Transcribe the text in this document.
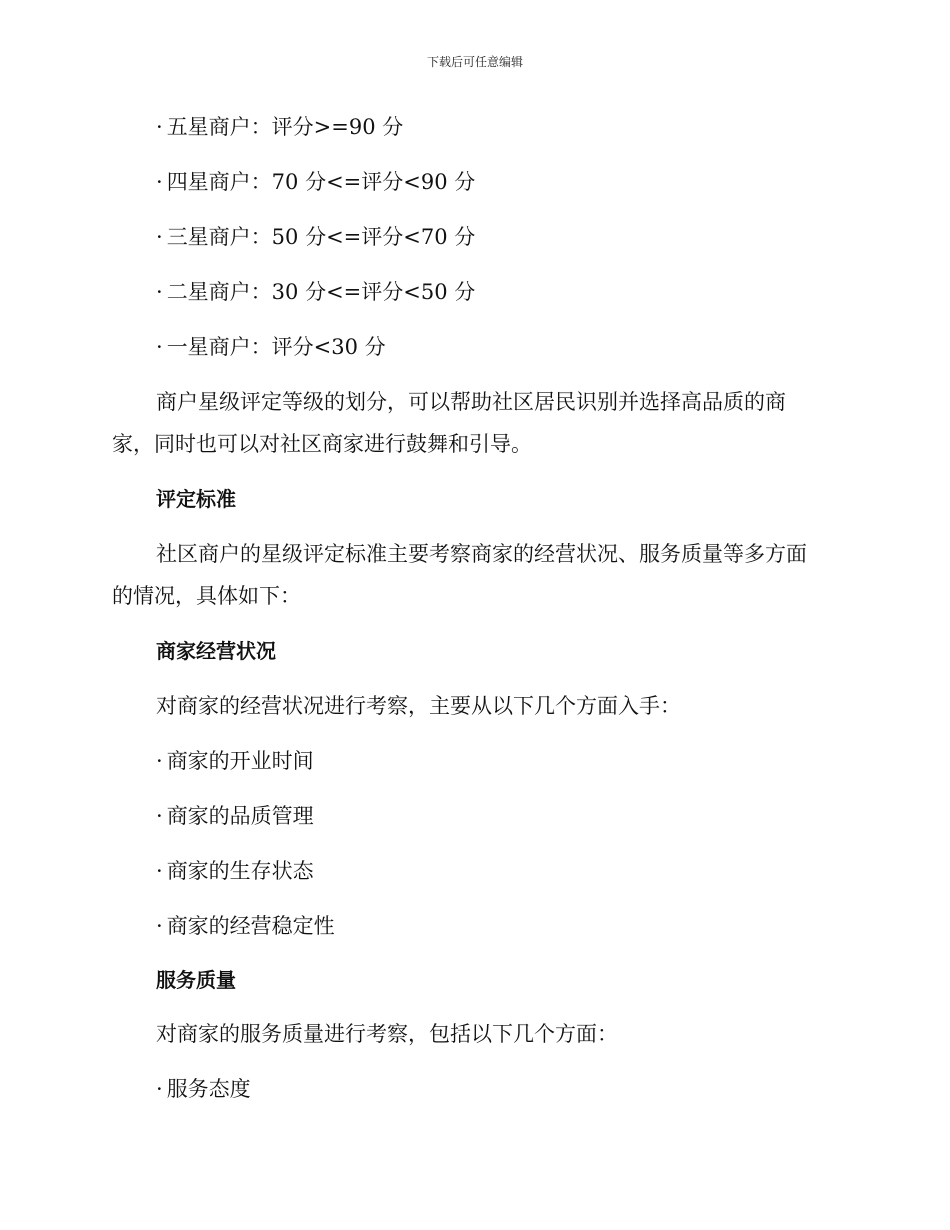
下载后可任意编辑
· 五星商户：评分>=90 分
· 四星商户：70 分<=评分<90 分
· 三星商户：50 分<=评分<70 分
· 二星商户：30 分<=评分<50 分
· 一星商户：评分<30 分
商户星级评定等级的划分，可以帮助社区居民识别并选择高品质的商
家，同时也可以对社区商家进行鼓舞和引导。
评定标准
社区商户的星级评定标准主要考察商家的经营状况、服务质量等多方面
的情况，具体如下：
商家经营状况
对商家的经营状况进行考察，主要从以下几个方面入手：
· 商家的开业时间
· 商家的品质管理
· 商家的生存状态
· 商家的经营稳定性
服务质量
对商家的服务质量进行考察，包括以下几个方面：
· 服务态度
